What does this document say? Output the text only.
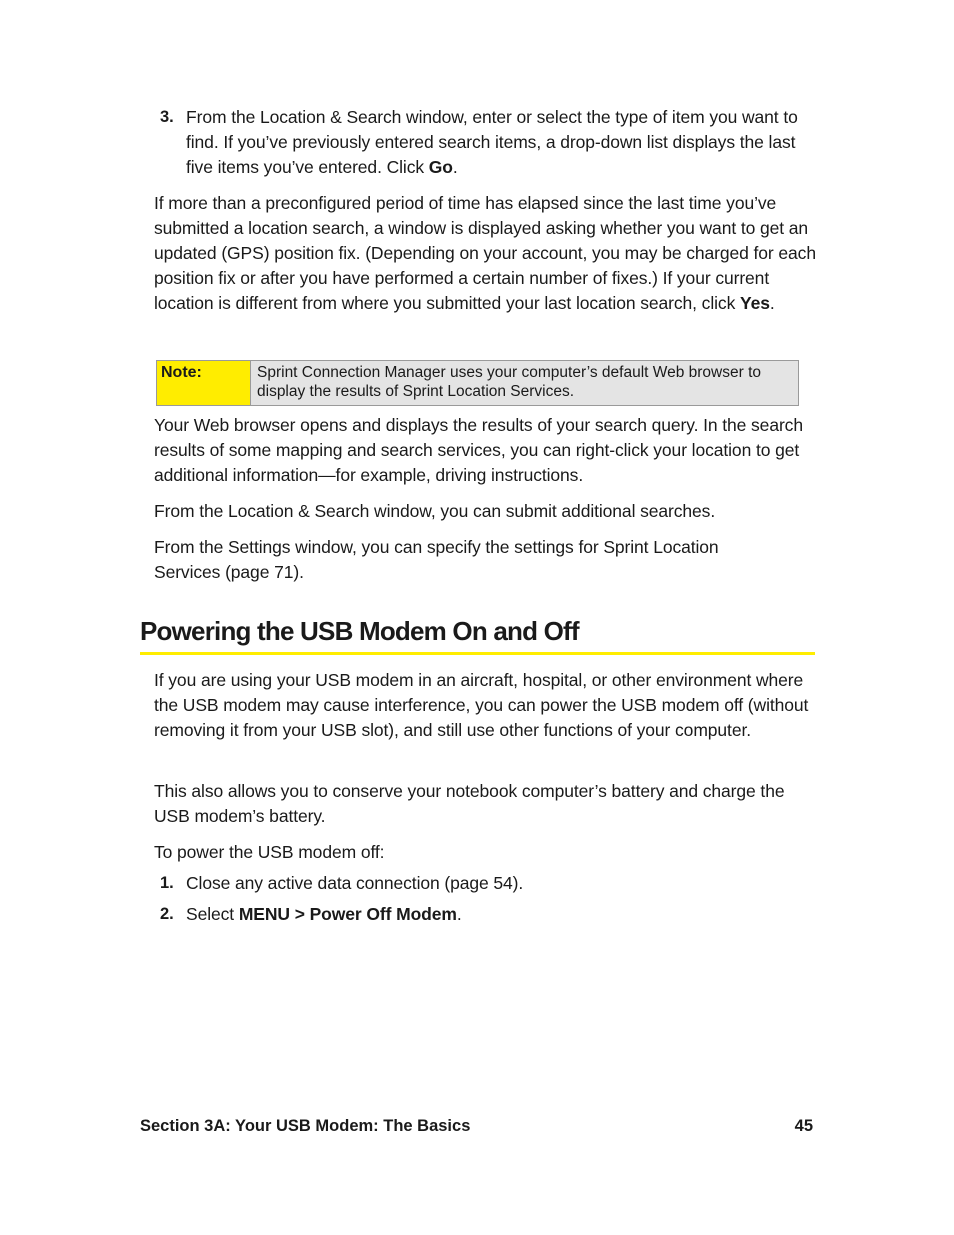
3. From the Location & Search window, enter or select the type of item you want to find. If you’ve previously entered search items, a drop-down list displays the last five items you’ve entered. Click Go.

If more than a preconfigured period of time has elapsed since the last time you’ve submitted a location search, a window is displayed asking whether you want to get an updated (GPS) position fix. (Depending on your account, you may be charged for each position fix or after you have performed a certain number of fixes.) If your current location is different from where you submitted your last location search, click Yes.

Note:	Sprint Connection Manager uses your computer’s default Web browser to display the results of Sprint Location Services.

Your Web browser opens and displays the results of your search query. In the search results of some mapping and search services, you can right-click your location to get additional information—for example, driving instructions.

From the Location & Search window, you can submit additional searches.

From the Settings window, you can specify the settings for Sprint Location Services (page 71).

Powering the USB Modem On and Off

If you are using your USB modem in an aircraft, hospital, or other environment where the USB modem may cause interference, you can power the USB modem off (without removing it from your USB slot), and still use other functions of your computer.

This also allows you to conserve your notebook computer’s battery and charge the USB modem’s battery.

To power the USB modem off:

1. Close any active data connection (page 54).
2. Select MENU > Power Off Modem.
Section 3A: Your USB Modem: The Basics	45
